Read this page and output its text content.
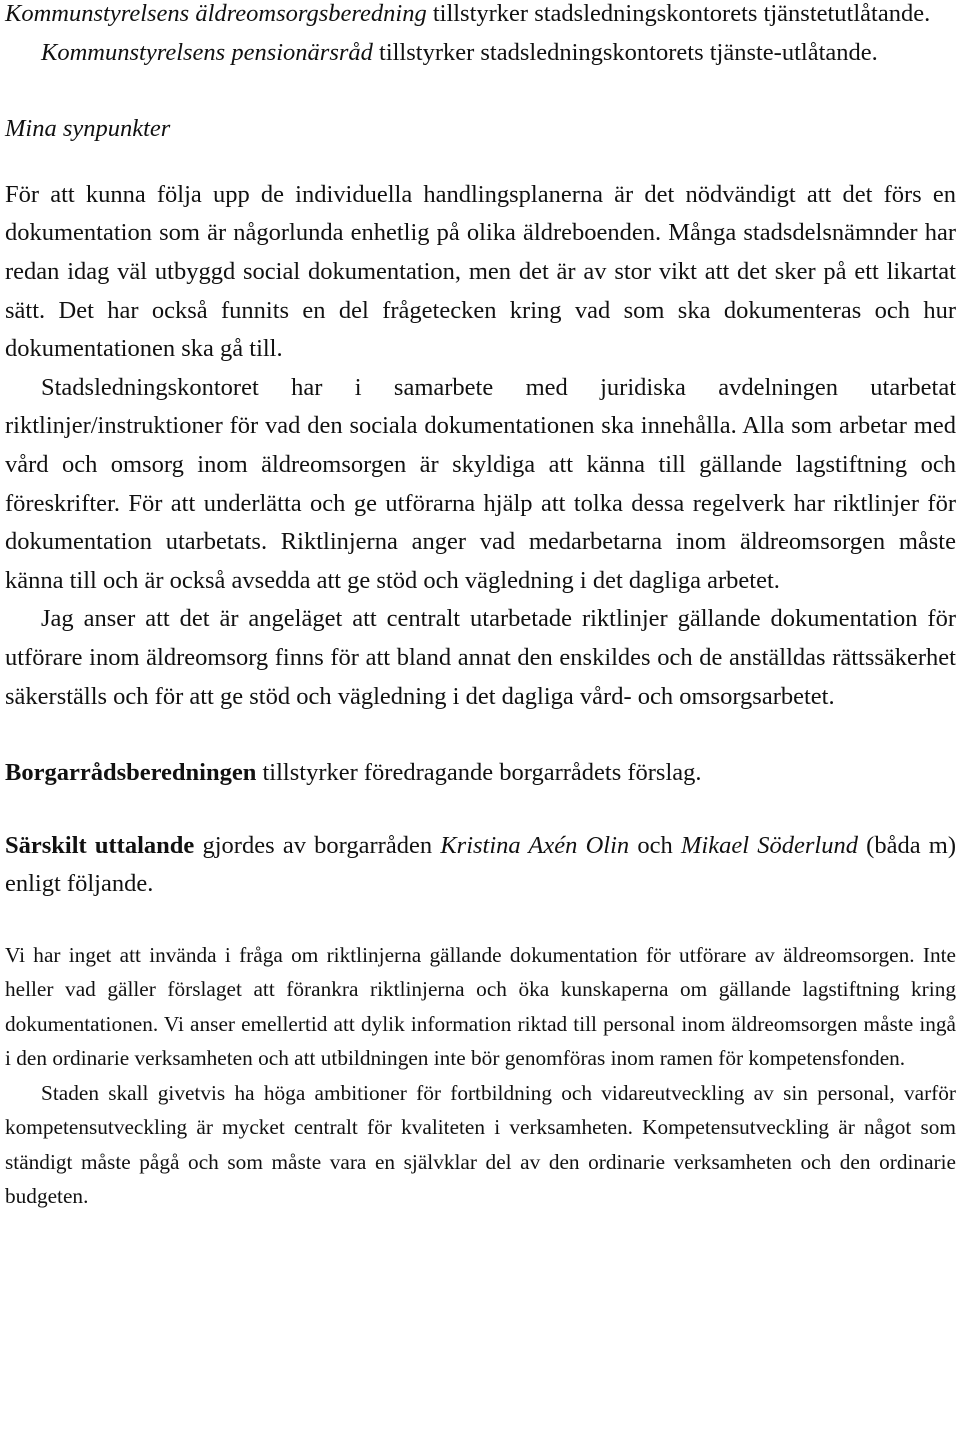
Kommunstyrelsens äldreomsorgsberedning tillstyrker stadsledningskontorets tjänstetutlåtande.

Kommunstyrelsens pensionärsråd tillstyrker stadsledningskontorets tjänste-utlåtande.

Mina synpunkter

För att kunna följa upp de individuella handlingsplanerna är det nödvändigt att det förs en dokumentation som är någorlunda enhetlig på olika äldreboenden. Många stadsdelsnämnder har redan idag väl utbyggd social dokumentation, men det är av stor vikt att det sker på ett likartat sätt. Det har också funnits en del frågetecken kring vad som ska dokumenteras och hur dokumentationen ska gå till.

Stadsledningskontoret har i samarbete med juridiska avdelningen utarbetat riktlinjer/instruktioner för vad den sociala dokumentationen ska innehålla. Alla som arbetar med vård och omsorg inom äldreomsorgen är skyldiga att känna till gällande lagstiftning och föreskrifter. För att underlätta och ge utförarna hjälp att tolka dessa regelverk har riktlinjer för dokumentation utarbetats. Riktlinjerna anger vad medarbetarna inom äldreomsorgen måste känna till och är också avsedda att ge stöd och vägledning i det dagliga arbetet.

Jag anser att det är angeläget att centralt utarbetade riktlinjer gällande dokumentation för utförare inom äldreomsorg finns för att bland annat den enskildes och de anställdas rättssäkerhet säkerställs och för att ge stöd och vägledning i det dagliga vård- och omsorgsarbetet.

Borgarrådsberedningen tillstyrker föredragande borgarrådets förslag.

Särskilt uttalande gjordes av borgarråden Kristina Axén Olin och Mikael Söderlund (båda m) enligt följande.

Vi har inget att invända i fråga om riktlinjerna gällande dokumentation för utförare av äldreomsorgen. Inte heller vad gäller förslaget att förankra riktlinjerna och öka kunskaperna om gällande lagstiftning kring dokumentationen. Vi anser emellertid att dylik information riktad till personal inom äldreomsorgen måste ingå i den ordinarie verksamheten och att utbildningen inte bör genomföras inom ramen för kompetensfonden.

Staden skall givetvis ha höga ambitioner för fortbildning och vidareutveckling av sin personal, varför kompetensutveckling är mycket centralt för kvaliteten i verksamheten. Kompetensutveckling är något som ständigt måste pågå och som måste vara en självklar del av den ordinarie verksamheten och den ordinarie budgeten.
